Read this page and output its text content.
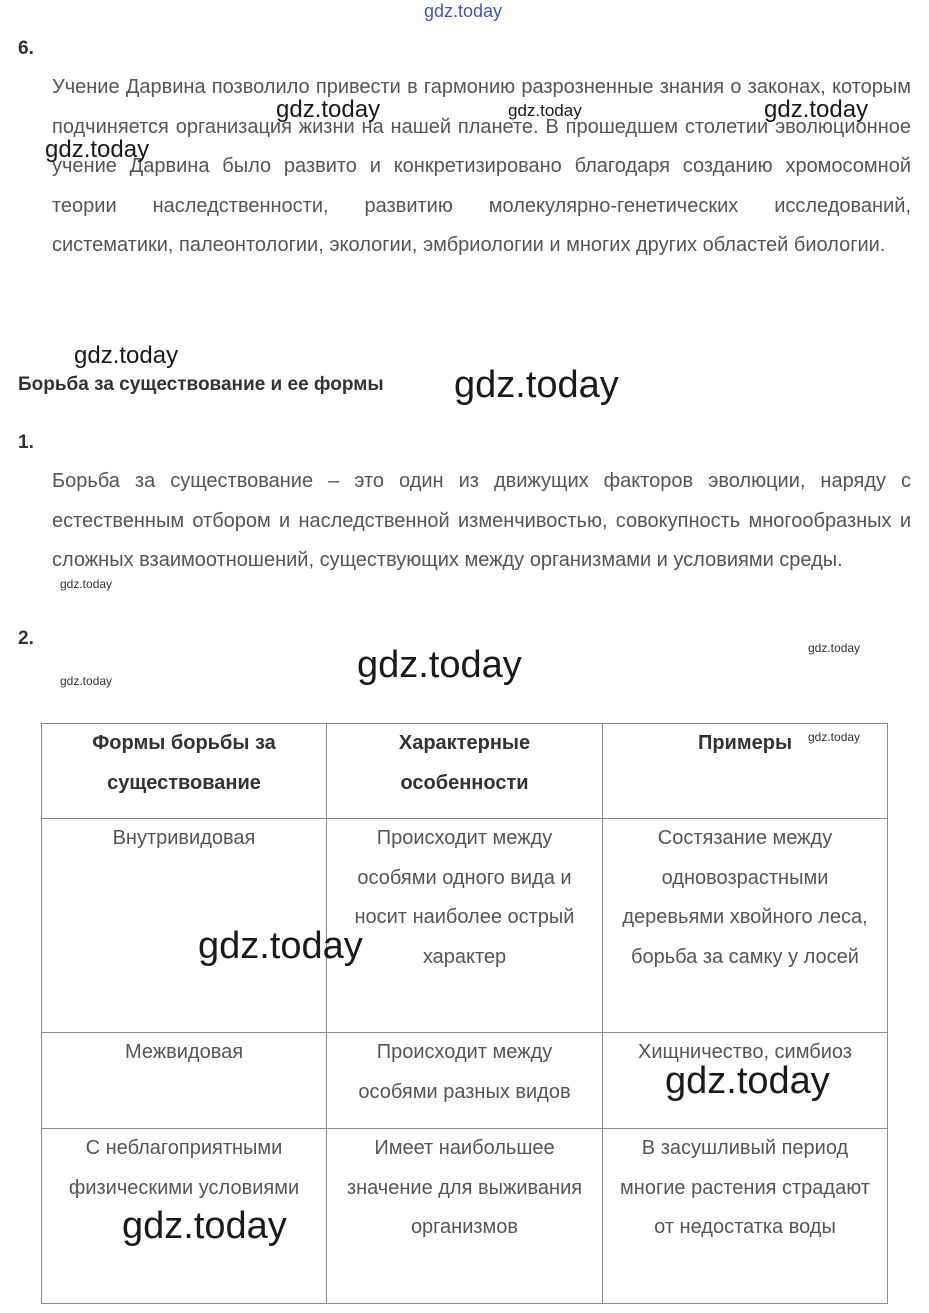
gdz.today
6.

Учение Дарвина позволило привести в гармонию разрозненные знания о законах, которым подчиняется организация жизни на нашей планете. В прошедшем столетии эволюционное учение Дарвина было развито и конкретизировано благодаря созданию хромосомной теории наследственности, развитию молекулярно-генетических исследований, систематики, палеонтологии, экологии, эмбриологии и многих других областей биологии.

Борьба за существование и ее формы
1.

Борьба за существование – это один из движущих факторов эволюции, наряду с естественным отбором и наследственной изменчивостью, совокупность многообразных и сложных взаимоотношений, существующих между организмами и условиями среды.

2.
Формы борьбы за существование	Характерные особенности	Примеры
Внутривидовая	Происходит между особями одного вида и носит наиболее острый характер	Состязание между одновозрастными деревьями хвойного леса, борьба за самку у лосей
Межвидовая	Происходит между особями разных видов	Хищничество, симбиоз
С неблагоприятными физическими условиями	Имеет наибольшее значение для выживания организмов	В засушливый период многие растения страдают от недостатка воды
gdz.today	gdz.today	gdz.today
gdz.today
gdz.today
gdz.today
gdz.today
gdz.today
gdz.today
gdz.today
gdz.today
gdz.today
gdz.today
gdz.today
